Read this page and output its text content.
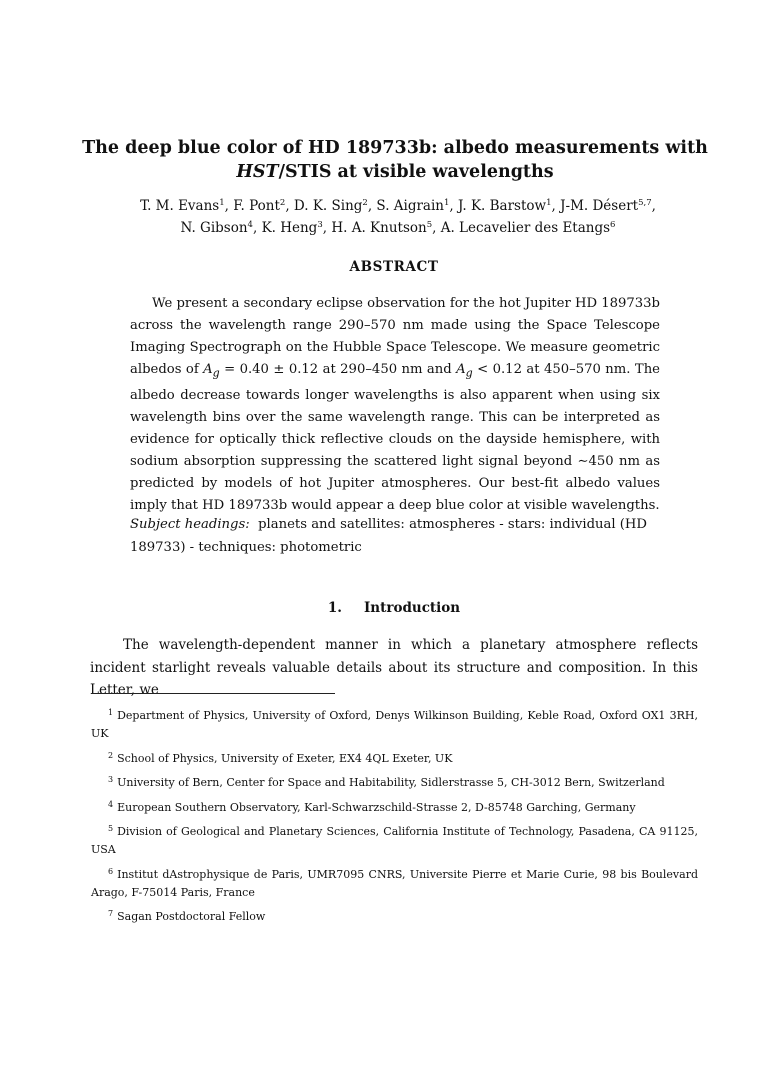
The deep blue color of HD 189733b: albedo measurements with
HST/STIS at visible wavelengths
T. M. Evans$^1$, F. Pont$^2$, D. K. Sing$^2$, S. Aigrain$^1$, J. K. Barstow$^1$, J-M. Désert$^{5,7}$,
N. Gibson$^4$, K. Heng$^3$, H. A. Knutson$^5$, A. Lecavelier des Etangs$^6$
ABSTRACT
We present a secondary eclipse observation for the hot Jupiter HD 189733b across the wavelength range 290–570 nm made using the Space Telescope Imaging Spectrograph on the Hubble Space Telescope. We measure geometric albedos of $A_g = 0.40 \pm 0.12$ at 290–450 nm and $A_g < 0.12$ at 450–570 nm. The albedo decrease towards longer wavelengths is also apparent when using six wavelength bins over the same wavelength range. This can be interpreted as evidence for optically thick reflective clouds on the dayside hemisphere, with sodium absorption suppressing the scattered light signal beyond ∼450 nm as predicted by models of hot Jupiter atmospheres. Our best-fit albedo values imply that HD 189733b would appear a deep blue color at visible wavelengths.
Subject headings: planets and satellites: atmospheres - stars: individual (HD 189733) - techniques: photometric
1. Introduction
The wavelength-dependent manner in which a planetary atmosphere reflects incident starlight reveals valuable details about its structure and composition. In this Letter, we
$^1$ Department of Physics, University of Oxford, Denys Wilkinson Building, Keble Road, Oxford OX1 3RH, UK
$^2$ School of Physics, University of Exeter, EX4 4QL Exeter, UK
$^3$ University of Bern, Center for Space and Habitability, Sidlerstrasse 5, CH-3012 Bern, Switzerland
$^4$ European Southern Observatory, Karl-Schwarzschild-Strasse 2, D-85748 Garching, Germany
$^5$ Division of Geological and Planetary Sciences, California Institute of Technology, Pasadena, CA 91125, USA
$^6$ Institut dAstrophysique de Paris, UMR7095 CNRS, Universite Pierre et Marie Curie, 98 bis Boulevard Arago, F-75014 Paris, France
$^7$ Sagan Postdoctoral Fellow
